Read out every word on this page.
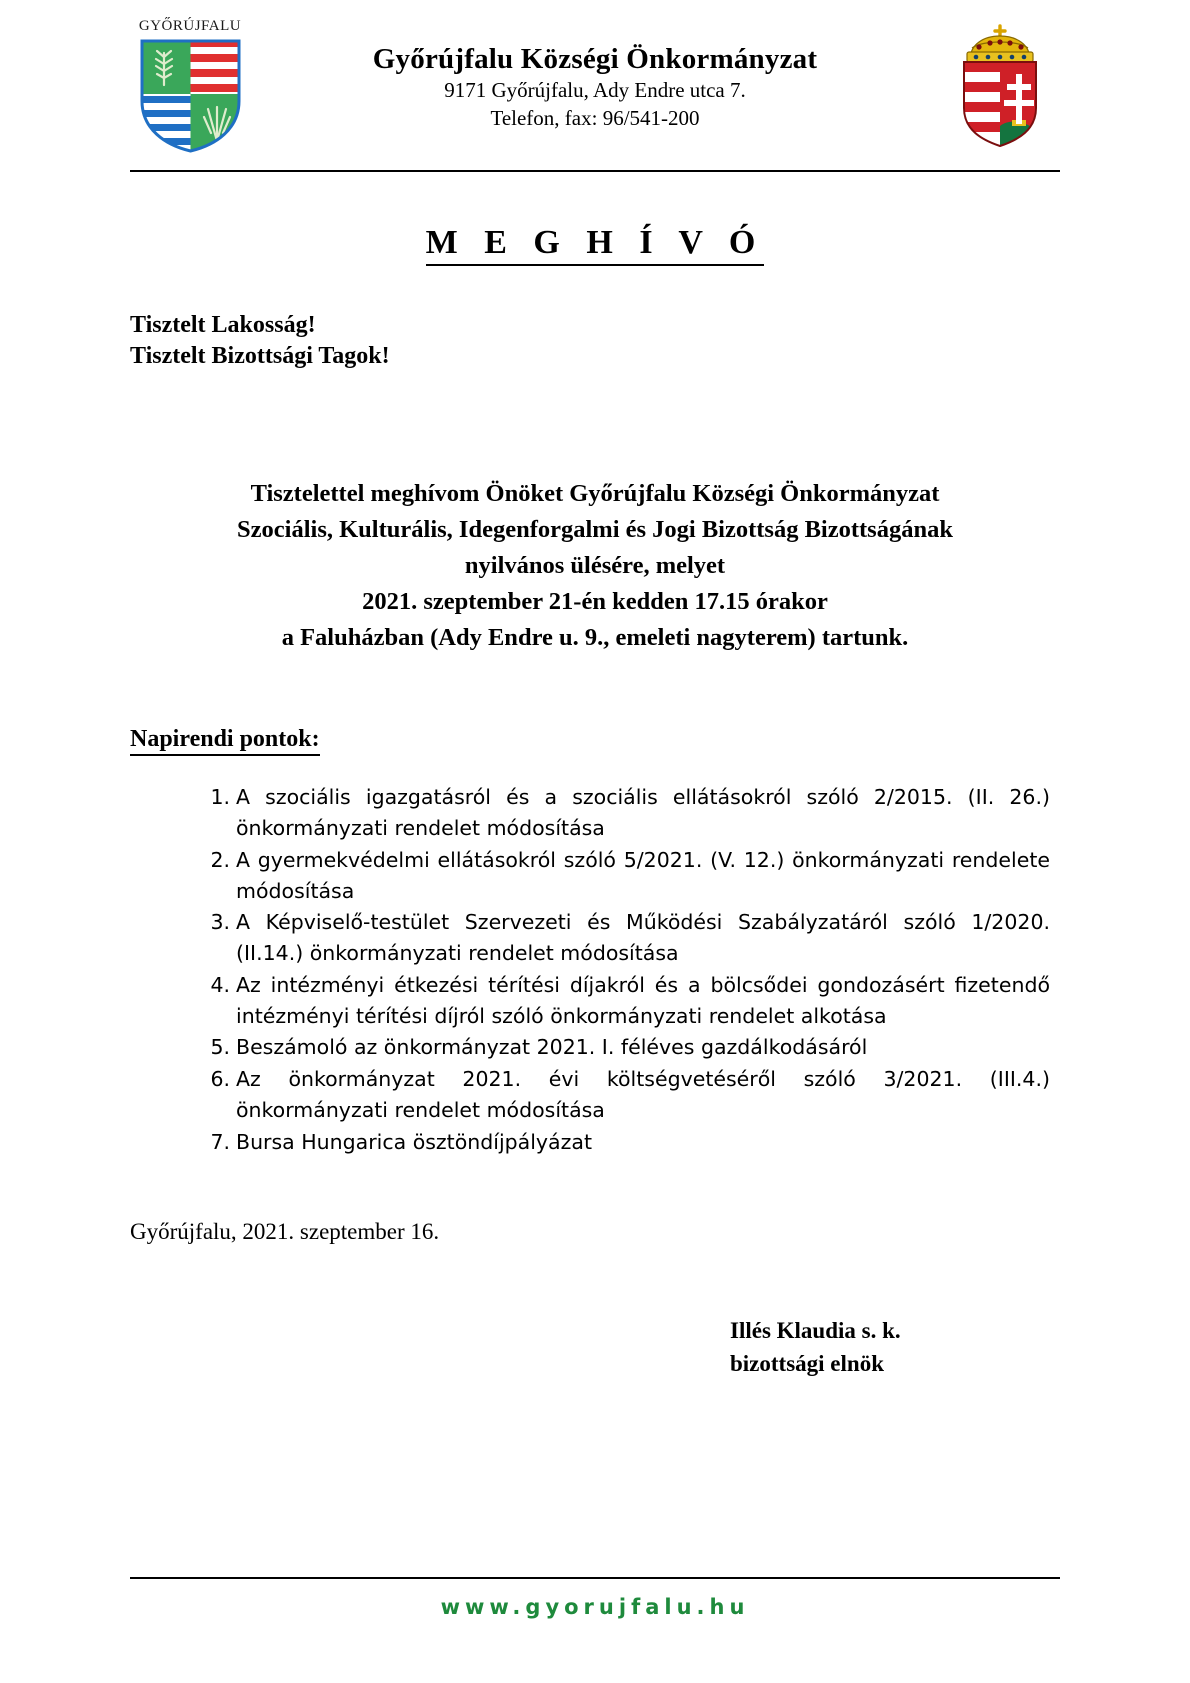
GYŐRÚJFALU
Győrújfalu Községi Önkormányzat
9171 Győrújfalu, Ady Endre utca 7.
Telefon, fax: 96/541-200
M E G H Í V Ó
Tisztelt Lakosság!
Tisztelt Bizottsági Tagok!
Tisztelettel meghívom Önöket Győrújfalu Községi Önkormányzat
Szociális, Kulturális, Idegenforgalmi és Jogi Bizottság Bizottságának
nyilvános ülésére, melyet
2021. szeptember 21-én kedden 17.15 órakor
a Faluházban (Ady Endre u. 9., emeleti nagyterem) tartunk.
Napirendi pontok:
1. A szociális igazgatásról és a szociális ellátásokról szóló 2/2015. (II. 26.) önkormányzati rendelet módosítása
2. A gyermekvédelmi ellátásokról szóló 5/2021. (V. 12.) önkormányzati rendelete módosítása
3. A Képviselő-testület Szervezeti és Működési Szabályzatáról szóló 1/2020.(II.14.) önkormányzati rendelet módosítása
4. Az intézményi étkezési térítési díjakról és a bölcsődei gondozásért fizetendő intézményi térítési díjról szóló önkormányzati rendelet alkotása
5. Beszámoló az önkormányzat 2021. I. féléves gazdálkodásáról
6. Az önkormányzat 2021. évi költségvetéséről szóló 3/2021. (III.4.) önkormányzati rendelet módosítása
7. Bursa Hungarica ösztöndíjpályázat
Győrújfalu, 2021. szeptember 16.
Illés Klaudia s. k.
bizottsági elnök
www.gyorujfalu.hu
